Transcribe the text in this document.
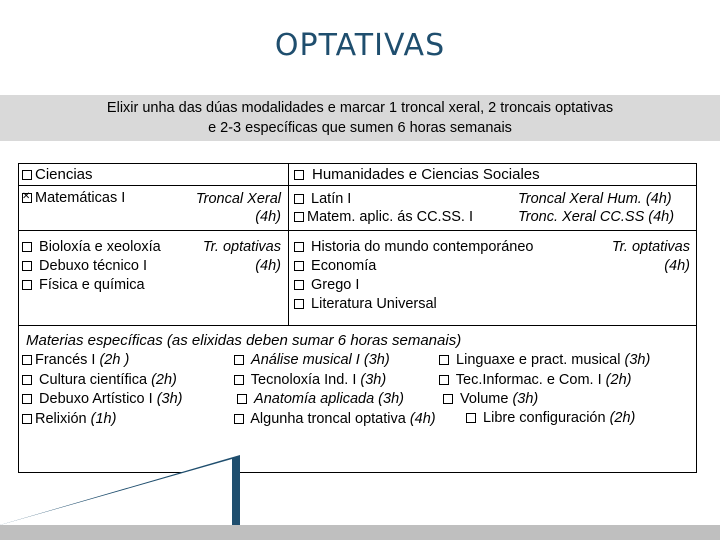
OPTATIVAS
Elixir unha das dúas modalidades e marcar 1 troncal xeral, 2 troncais optativas
e 2-3 específicas que sumen 6 horas semanais
Ciencias	Humanidades e Ciencias Sociales
✕Matemáticas I	Troncal Xeral
(4h)
Latín I
Matem. aplic. ás CC.SS. I
Troncal Xeral Hum. (4h)
Tronc. Xeral CC.SS (4h)
Bioloxía e xeoloxía
Debuxo técnico I
Física e química
Tr. optativas
(4h)
Historia do mundo contemporáneo
Economía
Grego I
Literatura Universal
Tr. optativas
(4h)
Materias específicas (as elixidas deben sumar 6 horas semanais)
Francés I (2h )
Cultura científica (2h)
Debuxo Artístico I (3h)
Relixión (1h)
Análise musical I (3h)
Tecnoloxía Ind. I (3h)
Anatomía aplicada (3h)
Algunha troncal optativa (4h)
Linguaxe e pract. musical (3h)
Tec.Informac. e Com. I (2h)
Volume (3h)
Libre configuración (2h)
